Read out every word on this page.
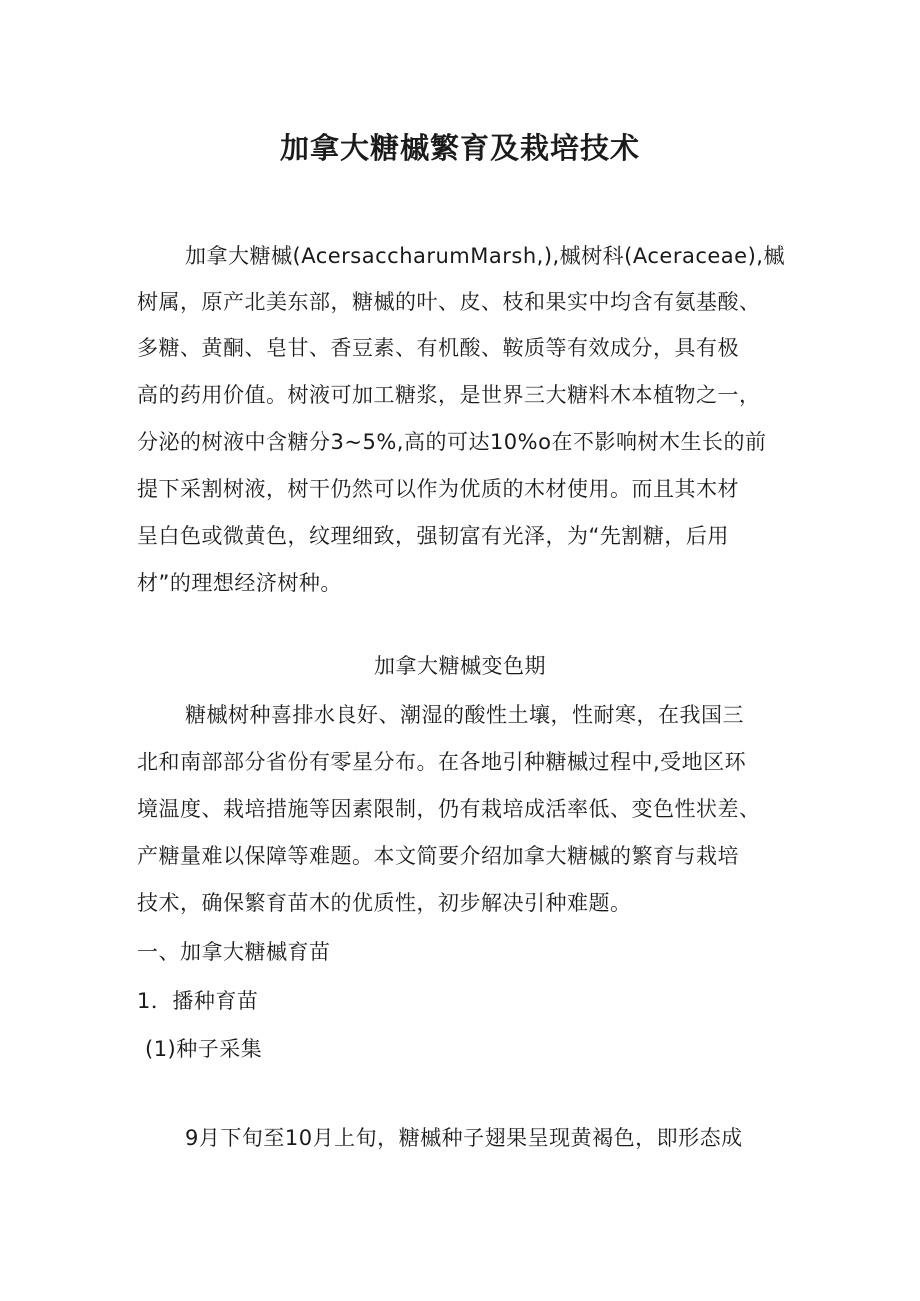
加拿大糖槭繁育及栽培技术
加拿大糖槭(AcersaccharumMarsh,),槭树科(Aceraceae),槭
树属，原产北美东部，糖槭的叶、皮、枝和果实中均含有氨基酸、
多糖、黄酮、皂甘、香豆素、有机酸、鞍质等有效成分，具有极
高的药用价值。树液可加工糖浆，是世界三大糖料木本植物之一，
分泌的树液中含糖分3~5%,高的可达10%o在不影响树木生长的前
提下采割树液，树干仍然可以作为优质的木材使用。而且其木材
呈白色或微黄色，纹理细致，强韧富有光泽，为“先割糖，后用
材”的理想经济树种。
加拿大糖槭变色期
糖槭树种喜排水良好、潮湿的酸性土壤，性耐寒，在我国三
北和南部部分省份有零星分布。在各地引种糖槭过程中,受地区环
境温度、栽培措施等因素限制，仍有栽培成活率低、变色性状差、
产糖量难以保障等难题。本文简要介绍加拿大糖槭的繁育与栽培
技术，确保繁育苗木的优质性，初步解决引种难题。
一、加拿大糖槭育苗
1．播种育苗
(1)种子采集
9月下旬至10月上旬，糖槭种子翅果呈现黄褐色，即形态成
